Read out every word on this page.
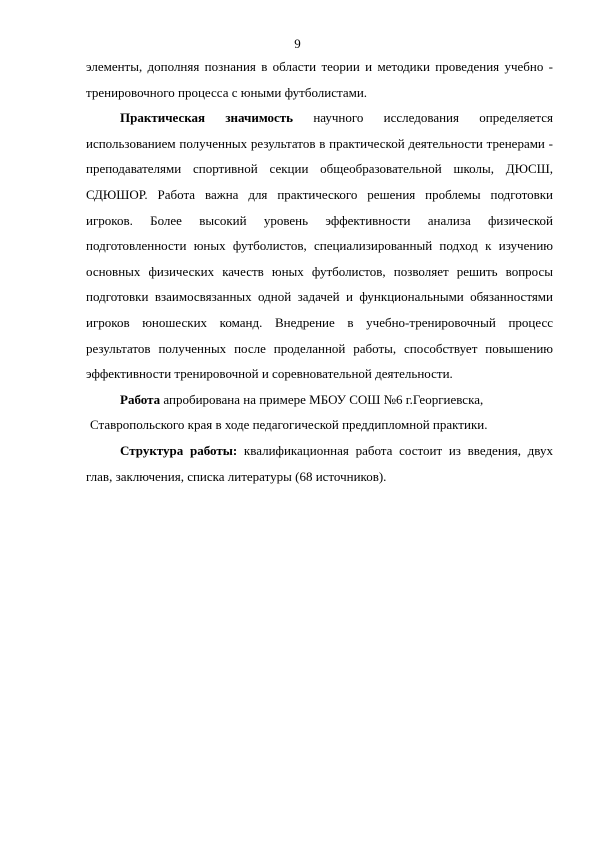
9

элементы, дополняя познания в области теории и методики проведения учебно - тренировочного процесса с юными футболистами.

Практическая значимость научного исследования определяется использованием полученных результатов в практической деятельности тренерами - преподавателями спортивной секции общеобразовательной школы, ДЮСШ, СДЮШОР. Работа важна для практического решения проблемы подготовки игроков. Более высокий уровень эффективности анализа физической подготовленности юных футболистов, специализированный подход к изучению основных физических качеств юных футболистов, позволяет решить вопросы подготовки взаимосвязанных одной задачей и функциональными обязанностями игроков юношеских команд. Внедрение в учебно-тренировочный процесс результатов полученных после проделанной работы, способствует повышению эффективности тренировочной и соревновательной деятельности.

Работа апробирована на примере МБОУ СОШ №6 г.Георгиевска,

Ставропольского края в ходе педагогической преддипломной практики.

Структура работы: квалификационная работа состоит из введения, двух глав, заключения, списка литературы (68 источников).
